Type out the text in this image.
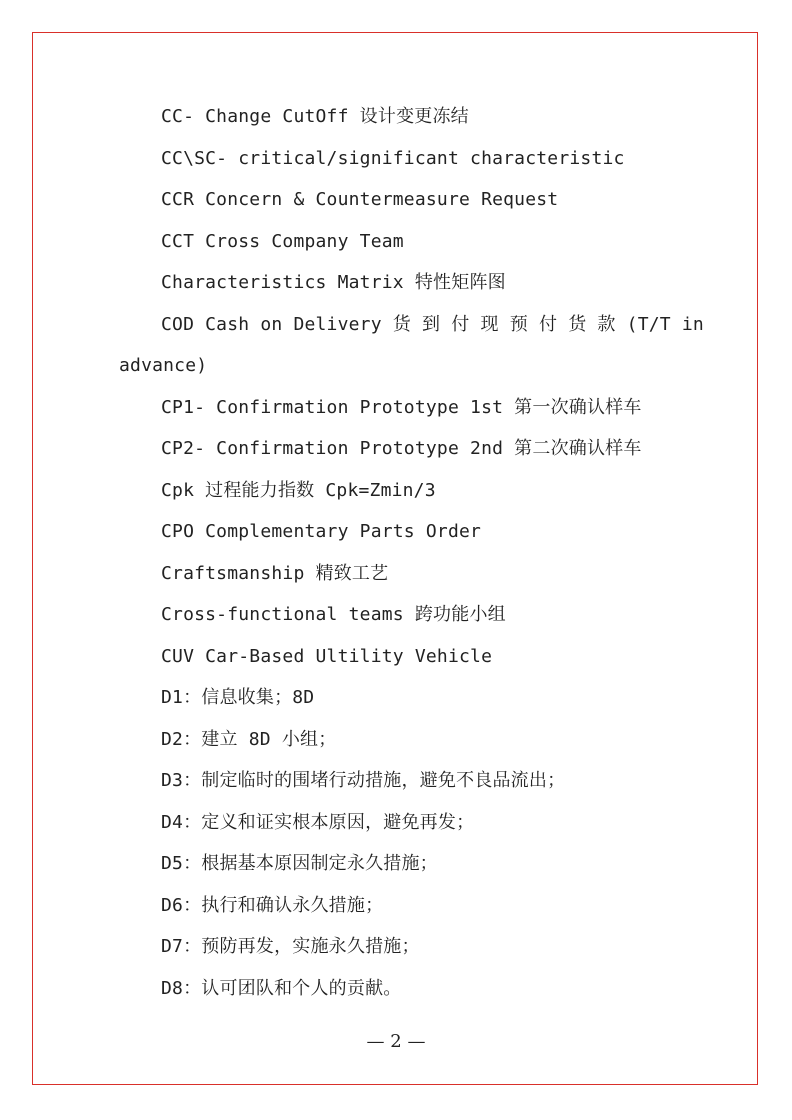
CC- Change CutOff 设计变更冻结
CC\SC- critical/significant characteristic
CCR Concern & Countermeasure Request
CCT Cross Company Team
Characteristics Matrix 特性矩阵图
COD Cash on Delivery 货 到 付 现 预 付 货 款 (T/T in
advance)
CP1- Confirmation Prototype 1st 第一次确认样车
CP2- Confirmation Prototype 2nd 第二次确认样车
Cpk 过程能力指数 Cpk=Zmin/3
CPO Complementary Parts Order
Craftsmanship 精致工艺
Cross-functional teams 跨功能小组
CUV Car-Based Ultility Vehicle
D1：信息收集；8D
D2：建立 8D 小组；
D3：制定临时的围堵行动措施，避免不良品流出；
D4：定义和证实根本原因，避免再发；
D5：根据基本原因制定永久措施；
D6：执行和确认永久措施；
D7：预防再发，实施永久措施；
D8：认可团队和个人的贡献。
— 2 —
